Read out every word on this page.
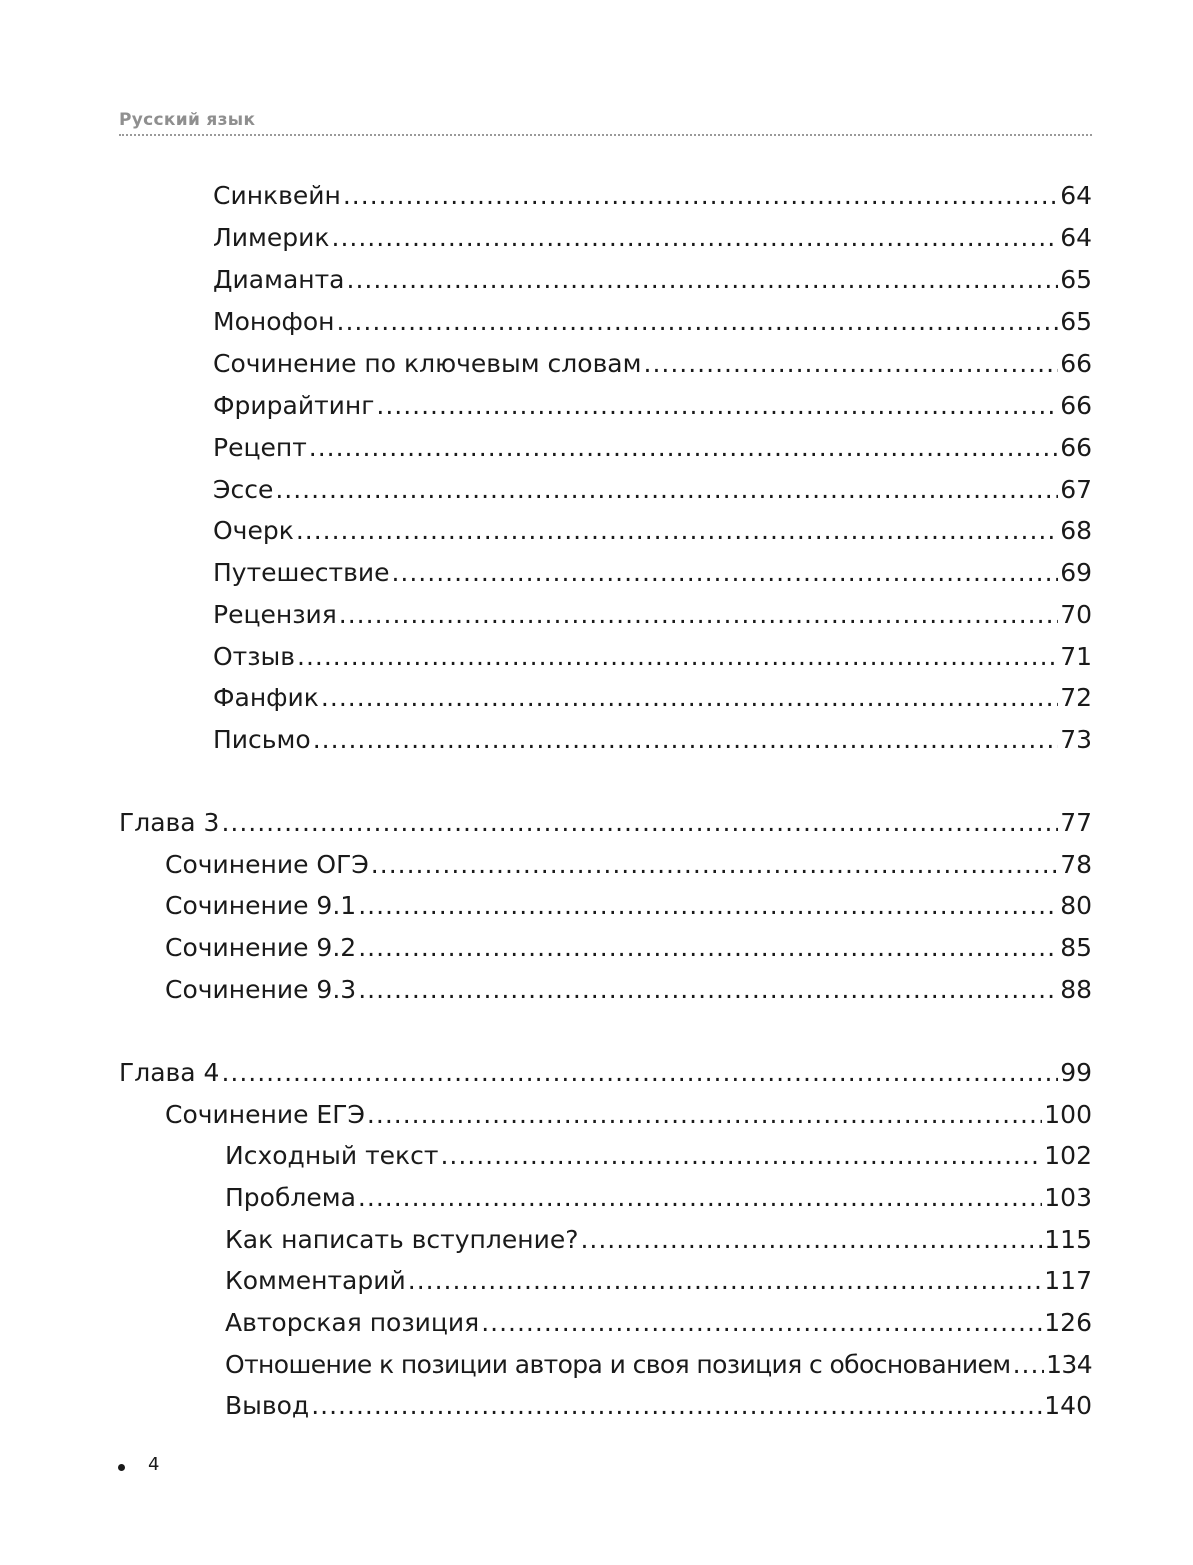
Русский язык
Синквейн .....	64
Лимерик .....	64
Диаманта .....	65
Монофон .....	65
Сочинение по ключевым словам .....	66
Фрирайтинг .....	66
Рецепт .....	66
Эссе .....	67
Очерк .....	68
Путешествие .....	69
Рецензия .....	70
Отзыв .....	71
Фанфик .....	72
Письмо .....	73
Глава 3 .....	77
Сочинение ОГЭ .....	78
Сочинение 9.1 .....	80
Сочинение 9.2 .....	85
Сочинение 9.3 .....	88
Глава 4 .....	99
Сочинение ЕГЭ .....	100
Исходный текст .....	102
Проблема .....	103
Как написать вступление? .....	115
Комментарий .....	117
Авторская позиция .....	126
Отношение к позиции автора и своя позиция с обоснованием ..... 134
Вывод .....	140
4
